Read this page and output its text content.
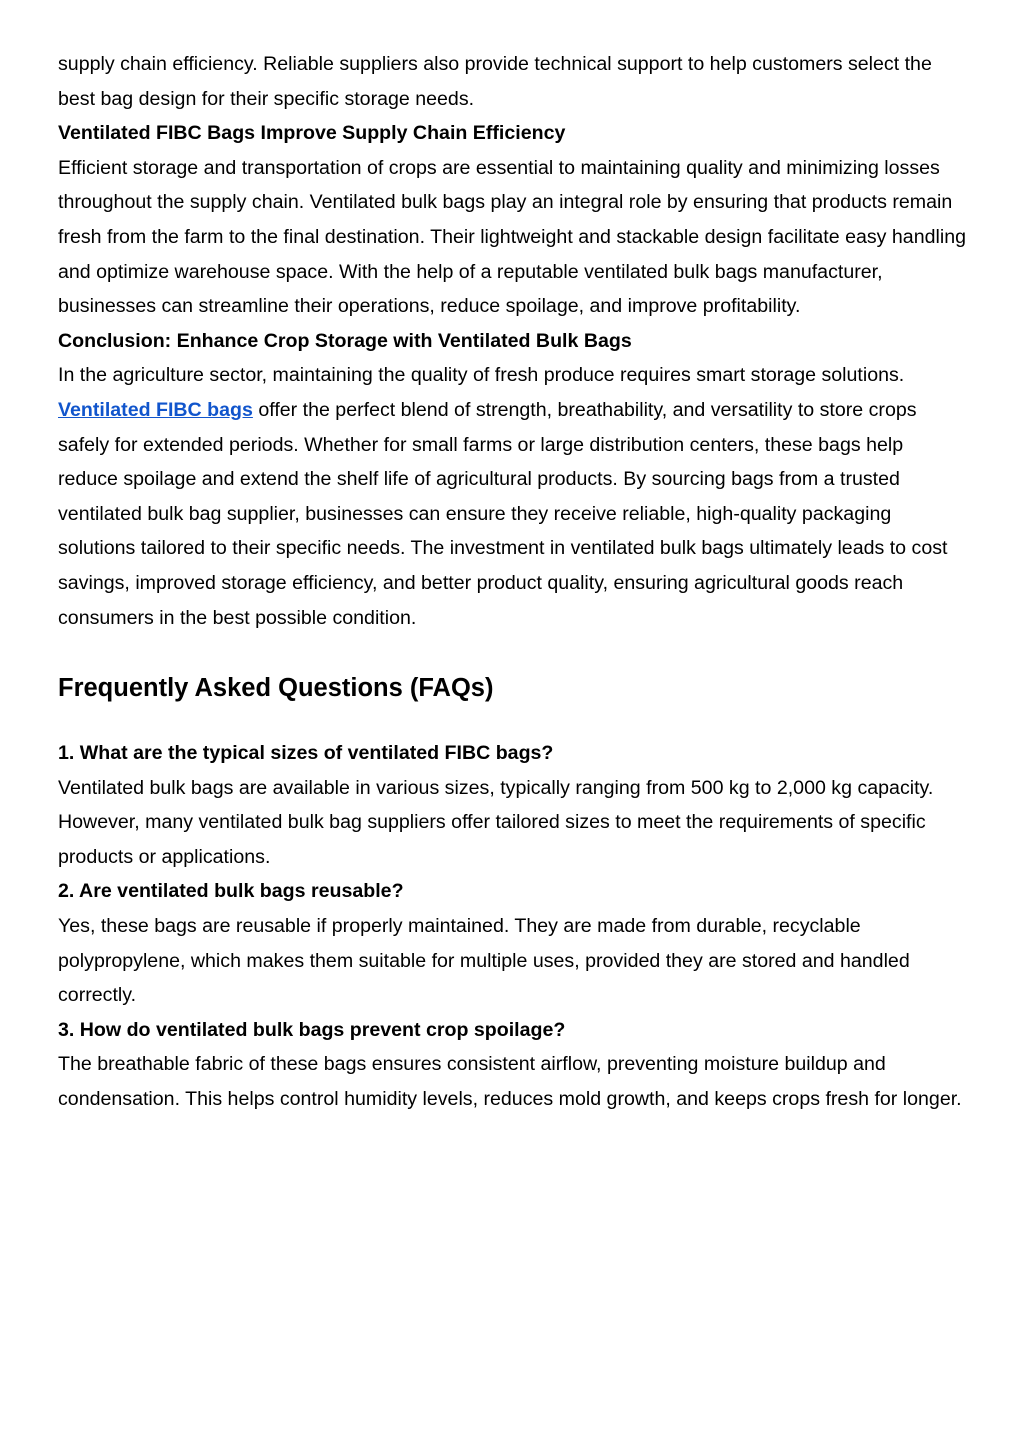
supply chain efficiency. Reliable suppliers also provide technical support to help customers select the best bag design for their specific storage needs.

Ventilated FIBC Bags Improve Supply Chain Efficiency

Efficient storage and transportation of crops are essential to maintaining quality and minimizing losses throughout the supply chain. Ventilated bulk bags play an integral role by ensuring that products remain fresh from the farm to the final destination. Their lightweight and stackable design facilitate easy handling and optimize warehouse space. With the help of a reputable ventilated bulk bags manufacturer, businesses can streamline their operations, reduce spoilage, and improve profitability.

Conclusion: Enhance Crop Storage with Ventilated Bulk Bags

In the agriculture sector, maintaining the quality of fresh produce requires smart storage solutions. Ventilated FIBC bags offer the perfect blend of strength, breathability, and versatility to store crops safely for extended periods. Whether for small farms or large distribution centers, these bags help reduce spoilage and extend the shelf life of agricultural products. By sourcing bags from a trusted ventilated bulk bag supplier, businesses can ensure they receive reliable, high-quality packaging solutions tailored to their specific needs. The investment in ventilated bulk bags ultimately leads to cost savings, improved storage efficiency, and better product quality, ensuring agricultural goods reach consumers in the best possible condition.

Frequently Asked Questions (FAQs)

1. What are the typical sizes of ventilated FIBC bags?

Ventilated bulk bags are available in various sizes, typically ranging from 500 kg to 2,000 kg capacity. However, many ventilated bulk bag suppliers offer tailored sizes to meet the requirements of specific products or applications.

2. Are ventilated bulk bags reusable?

Yes, these bags are reusable if properly maintained. They are made from durable, recyclable polypropylene, which makes them suitable for multiple uses, provided they are stored and handled correctly.

3. How do ventilated bulk bags prevent crop spoilage?

The breathable fabric of these bags ensures consistent airflow, preventing moisture buildup and condensation. This helps control humidity levels, reduces mold growth, and keeps crops fresh for longer.
